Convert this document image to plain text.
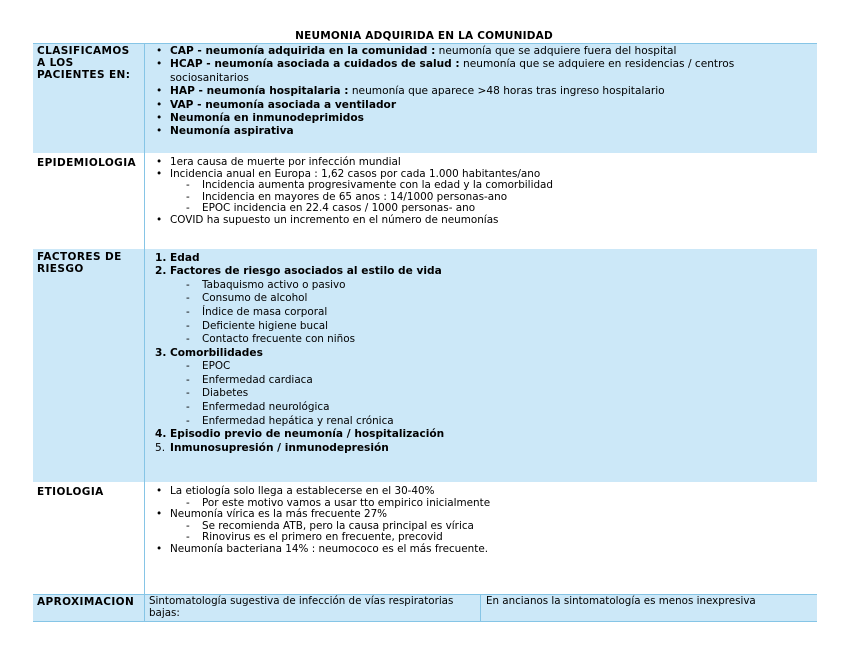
NEUMONIA ADQUIRIDA EN LA COMUNIDAD
CLASIFICAMOS A LOS PACIENTES EN:
• CAP - neumonía adquirida en la comunidad : neumonía que se adquiere fuera del hospital
• HCAP - neumonía asociada a cuidados de salud : neumonía que se adquiere en residencias / centros sociosanitarios
• HAP - neumonía hospitalaria : neumonía que aparece >48 horas tras ingreso hospitalario
• VAP - neumonía asociada a ventilador
• Neumonía en inmunodeprimidos
• Neumonía aspirativa
EPIDEMIOLOGIA	• 1era causa de muerte por infección mundial
• Incidencia anual en Europa : 1,62 casos por cada 1.000 habitantes/ano
- Incidencia aumenta progresivamente con la edad y la comorbilidad
- Incidencia en mayores de 65 anos : 14/1000 personas-ano
- EPOC incidencia en 22.4 casos / 1000 personas- ano
• COVID ha supuesto un incremento en el número de neumonías
FACTORES DE RIESGO
1. Edad
2. Factores de riesgo asociados al estilo de vida
- Tabaquismo activo o pasivo
- Consumo de alcohol
- Índice de masa corporal
- Deficiente higiene bucal
- Contacto frecuente con niños
3. Comorbilidades
- EPOC
- Enfermedad cardiaca
- Diabetes
- Enfermedad neurológica
- Enfermedad hepática y renal crónica
4. Episodio previo de neumonía / hospitalización
5. Inmunosupresión / inmunodepresión
ETIOLOGIA	• La etiología solo llega a establecerse en el 30-40%
- Por este motivo vamos a usar tto empirico inicialmente
• Neumonía vírica es la más frecuente 27%
- Se recomienda ATB, pero la causa principal es vírica
- Rinovirus es el primero en frecuente, precovid
• Neumonía bacteriana 14% : neumococo es el más frecuente.
APROXIMACION Sintomatología sugestiva de infección de vías respiratorias bajas:
En ancianos la sintomatología es menos inexpresiva
